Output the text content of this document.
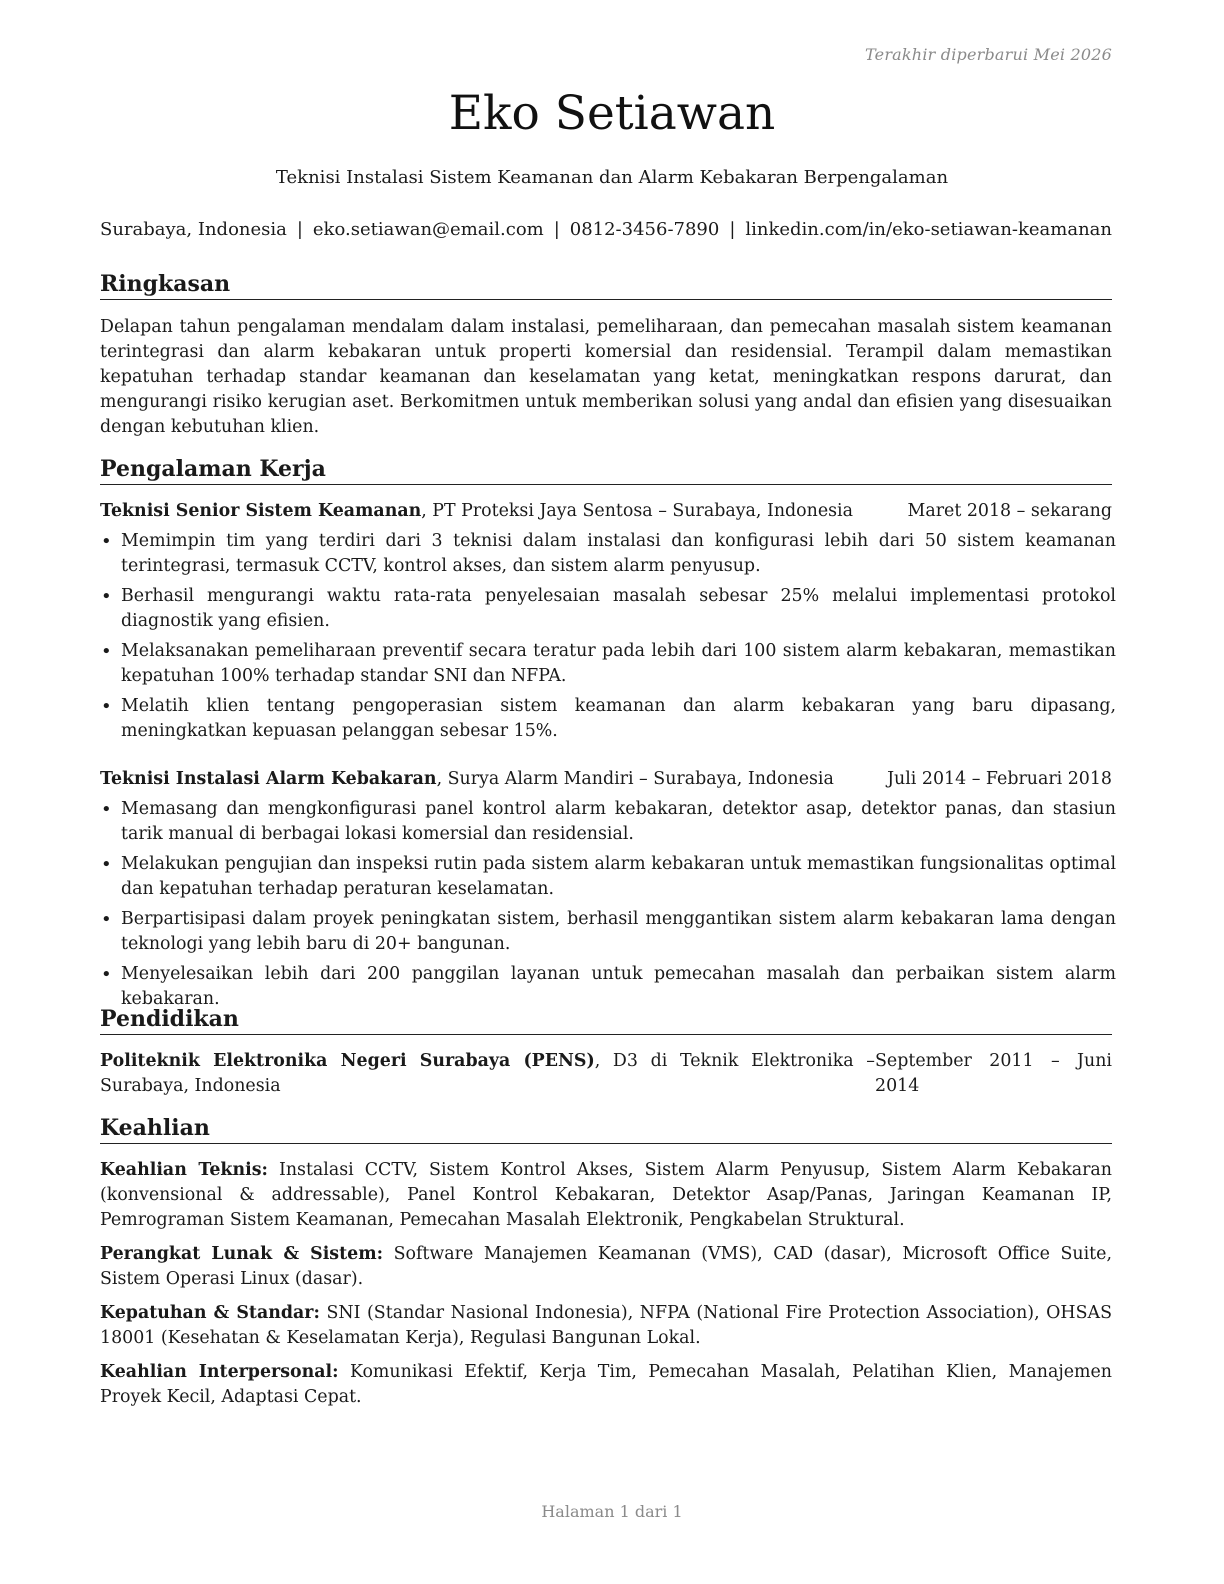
Terakhir diperbarui Mei 2026
Eko Setiawan
Teknisi Instalasi Sistem Keamanan dan Alarm Kebakaran Berpengalaman
Surabaya, Indonesia | eko.setiawan@email.com | 0812-3456-7890 | linkedin.com/in/eko-setiawan-keamanan
Ringkasan

Delapan tahun pengalaman mendalam dalam instalasi, pemeliharaan, dan pemecahan masalah sistem keamanan terintegrasi dan alarm kebakaran untuk properti komersial dan residensial. Terampil dalam memastikan kepatuhan terhadap standar keamanan dan keselamatan yang ketat, meningkatkan respons darurat, dan mengurangi risiko kerugian aset. Berkomitmen untuk memberikan solusi yang andal dan efisien yang disesuaikan dengan kebutuhan klien.

Pengalaman Kerja
Teknisi Senior Sistem Keamanan, PT Proteksi Jaya Sentosa – Surabaya, Indonesia	Maret 2018 – sekarang
• Memimpin tim yang terdiri dari 3 teknisi dalam instalasi dan konfigurasi lebih dari 50 sistem keamanan terintegrasi, termasuk CCTV, kontrol akses, dan sistem alarm penyusup.
• Berhasil mengurangi waktu rata-rata penyelesaian masalah sebesar 25% melalui implementasi protokol diagnostik yang efisien.
• Melaksanakan pemeliharaan preventif secara teratur pada lebih dari 100 sistem alarm kebakaran, memastikan kepatuhan 100% terhadap standar SNI dan NFPA.
• Melatih klien tentang pengoperasian sistem keamanan dan alarm kebakaran yang baru dipasang, meningkatkan kepuasan pelanggan sebesar 15%.
Teknisi Instalasi Alarm Kebakaran, Surya Alarm Mandiri – Surabaya, Indonesia	Juli 2014 – Februari 2018
• Memasang dan mengkonfigurasi panel kontrol alarm kebakaran, detektor asap, detektor panas, dan stasiun tarik manual di berbagai lokasi komersial dan residensial.
• Melakukan pengujian dan inspeksi rutin pada sistem alarm kebakaran untuk memastikan fungsionalitas optimal dan kepatuhan terhadap peraturan keselamatan.
• Berpartisipasi dalam proyek peningkatan sistem, berhasil menggantikan sistem alarm kebakaran lama dengan teknologi yang lebih baru di 20+ bangunan.
• Menyelesaikan lebih dari 200 panggilan layanan untuk pemecahan masalah dan perbaikan sistem alarm kebakaran.
Pendidikan
Politeknik Elektronika Negeri Surabaya (PENS), D3 di Teknik Elektronika – Surabaya, Indonesia
September 2011 – Juni 2014
Keahlian

Keahlian Teknis: Instalasi CCTV, Sistem Kontrol Akses, Sistem Alarm Penyusup, Sistem Alarm Kebakaran (konvensional & addressable), Panel Kontrol Kebakaran, Detektor Asap/Panas, Jaringan Keamanan IP, Pemrograman Sistem Keamanan, Pemecahan Masalah Elektronik, Pengkabelan Struktural.

Perangkat Lunak & Sistem: Software Manajemen Keamanan (VMS), CAD (dasar), Microsoft Office Suite, Sistem Operasi Linux (dasar).

Kepatuhan & Standar: SNI (Standar Nasional Indonesia), NFPA (National Fire Protection Association), OHSAS 18001 (Kesehatan & Keselamatan Kerja), Regulasi Bangunan Lokal.

Keahlian Interpersonal: Komunikasi Efektif, Kerja Tim, Pemecahan Masalah, Pelatihan Klien, Manajemen Proyek Kecil, Adaptasi Cepat.

Halaman 1 dari 1
